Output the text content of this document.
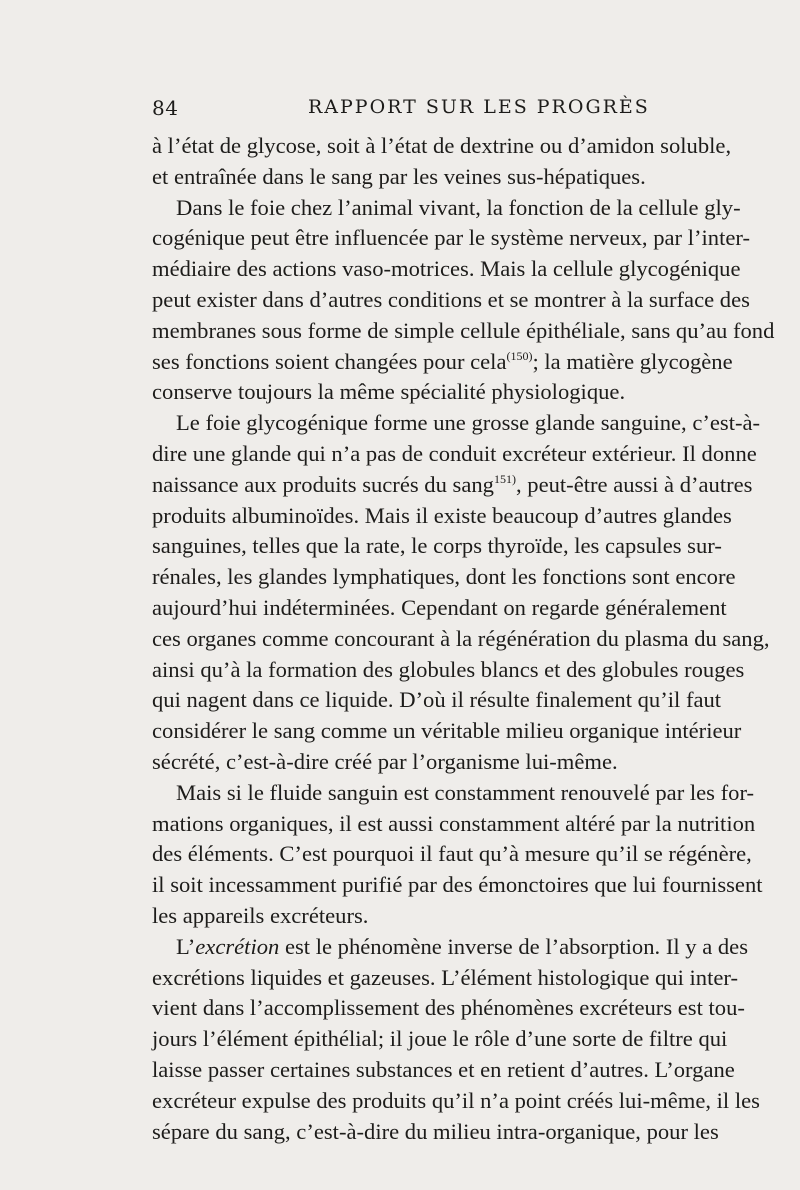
84	RAPPORT SUR LES PROGRÈS
à l’état de glycose, soit à l’état de dextrine ou d’amidon soluble,
et entraînée dans le sang par les veines sus-hépatiques.
Dans le foie chez l’animal vivant, la fonction de la cellule gly-
cogénique peut être influencée par le système nerveux, par l’inter-
médiaire des actions vaso-motrices. Mais la cellule glycogénique
peut exister dans d’autres conditions et se montrer à la surface des
membranes sous forme de simple cellule épithéliale, sans qu’au fond
ses fonctions soient changées pour cela$^{(150)}$; la matière glycogène
conserve toujours la même spécialité physiologique.
Le foie glycogénique forme une grosse glande sanguine, c’est-à-
dire une glande qui n’a pas de conduit excréteur extérieur. Il donne
naissance aux produits sucrés du sang$^{151)}$, peut-être aussi à d’autres
produits albuminoïdes. Mais il existe beaucoup d’autres glandes
sanguines, telles que la rate, le corps thyroïde, les capsules sur-
rénales, les glandes lymphatiques, dont les fonctions sont encore
aujourd’hui indéterminées. Cependant on regarde généralement
ces organes comme concourant à la régénération du plasma du sang,
ainsi qu’à la formation des globules blancs et des globules rouges
qui nagent dans ce liquide. D’où il résulte finalement qu’il faut
considérer le sang comme un véritable milieu organique intérieur
sécrété, c’est-à-dire créé par l’organisme lui-même.
Mais si le fluide sanguin est constamment renouvelé par les for-
mations organiques, il est aussi constamment altéré par la nutrition
des éléments. C’est pourquoi il faut qu’à mesure qu’il se régénère,
il soit incessamment purifié par des émonctoires que lui fournissent
les appareils excréteurs.
L’excrétion est le phénomène inverse de l’absorption. Il y a des
excrétions liquides et gazeuses. L’élément histologique qui inter-
vient dans l’accomplissement des phénomènes excréteurs est tou-
jours l’élément épithélial; il joue le rôle d’une sorte de filtre qui
laisse passer certaines substances et en retient d’autres. L’organe
excréteur expulse des produits qu’il n’a point créés lui-même, il les
sépare du sang, c’est-à-dire du milieu intra-organique, pour les
